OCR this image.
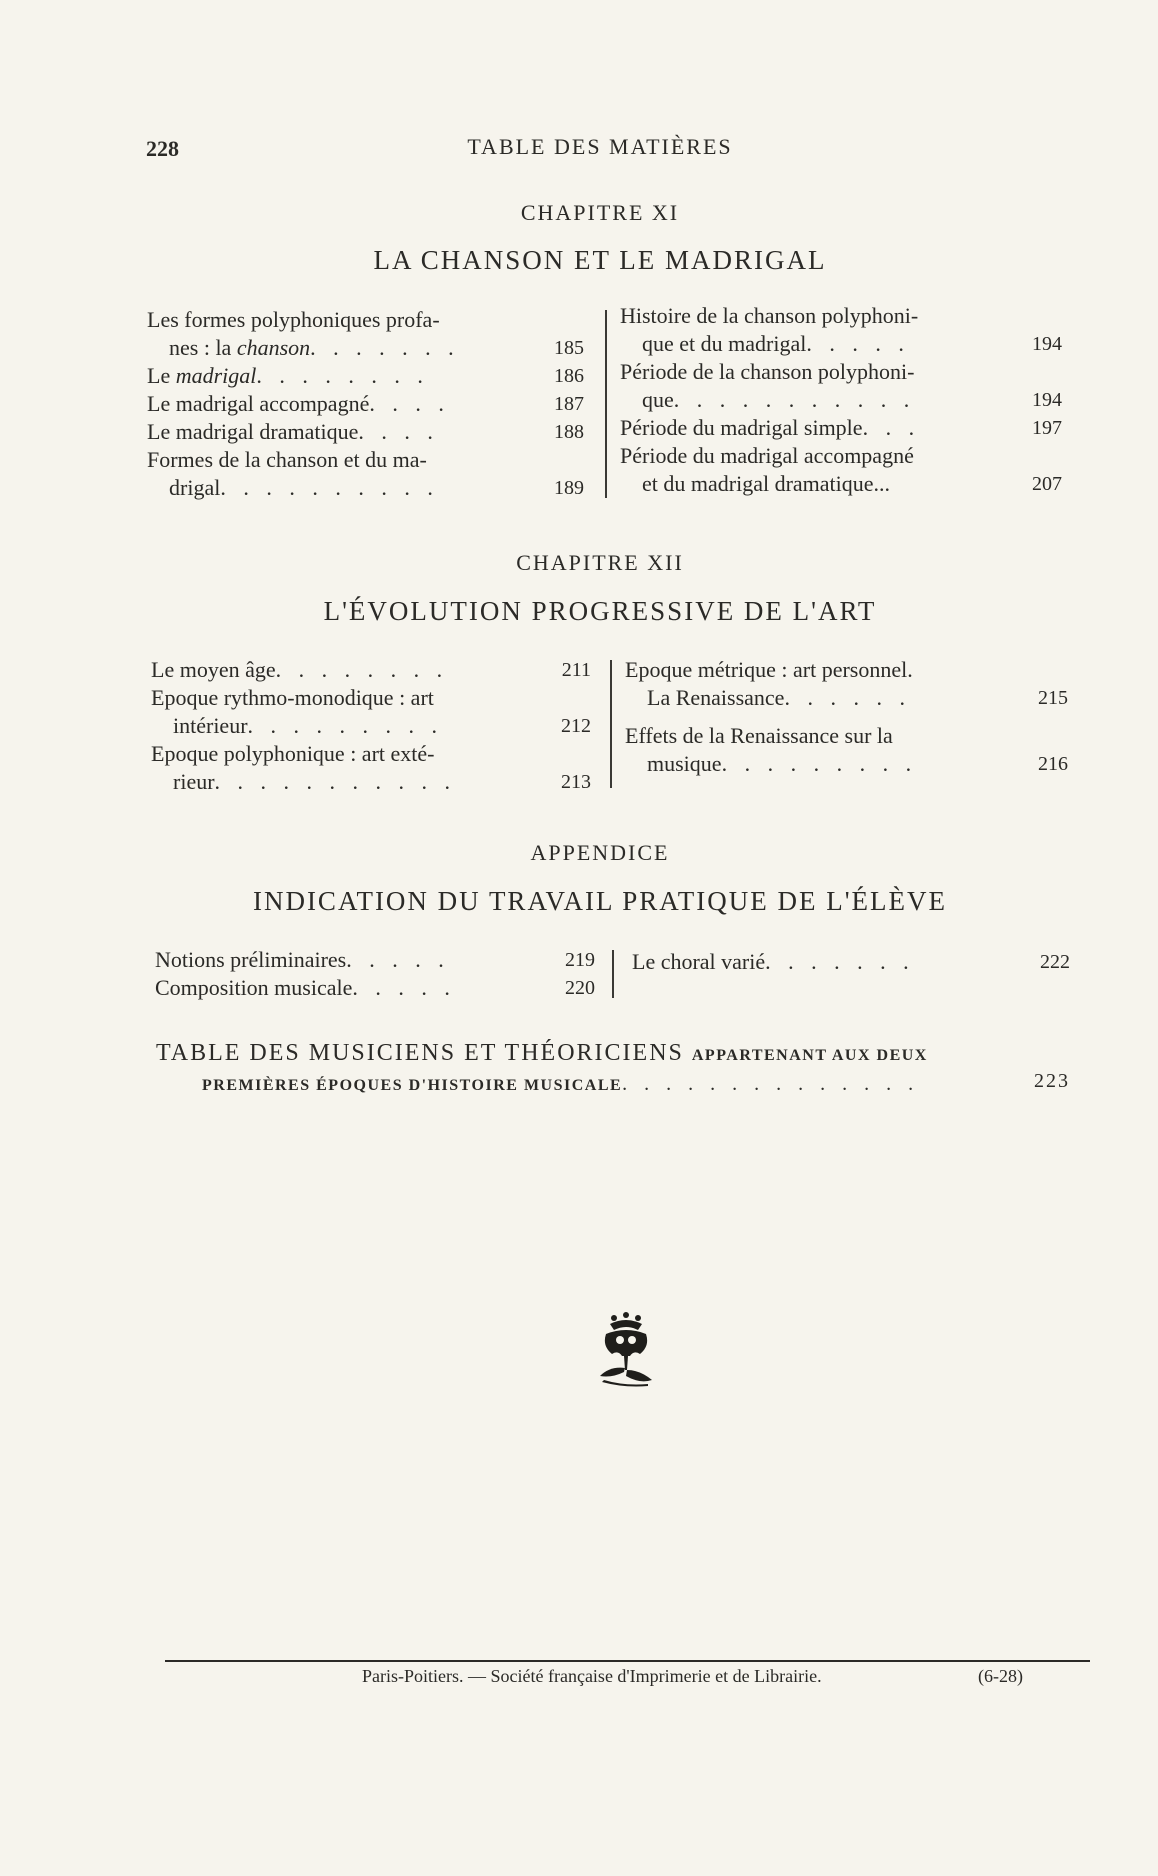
228	TABLE DES MATIÈRES
CHAPITRE XI
LA CHANSON ET LE MADRIGAL
Les formes polyphoniques profa-
nes : la chanson. . . . . . .	185
Le madrigal. . . . . . . .	186
Le madrigal accompagné. . . .	187
Le madrigal dramatique. . . .	188
Formes de la chanson et du ma-
drigal. . . . . . . . . .	189
Histoire de la chanson polyphoni-
que et du madrigal. . . . .	194
Période de la chanson polyphoni-
que. . . . . . . . . . .	194
Période du madrigal simple. . .	197
Période du madrigal accompagné
et du madrigal dramatique...	207
CHAPITRE XII
L'ÉVOLUTION PROGRESSIVE DE L'ART
Le moyen âge. . . . . . . .	211
Epoque rythmo-monodique : art
intérieur. . . . . . . . .	212
Epoque polyphonique : art exté-
rieur. . . . . . . . . . .	213
Epoque métrique : art personnel.
La Renaissance. . . . . .	215
Effets de la Renaissance sur la
musique. . . . . . . . .	216
APPENDICE
INDICATION DU TRAVAIL PRATIQUE DE L'ÉLÈVE
Notions préliminaires. . . . .	219
Composition musicale. . . . .	220
Le choral varié. . . . . . .	222
TABLE DES MUSICIENS ET THÉORICIENS APPARTENANT AUX DEUX
PREMIÈRES ÉPOQUES D'HISTOIRE MUSICALE. . . . . . . . . . . . . .	223
Paris-Poitiers. — Société française d'Imprimerie et de Librairie.	(6-28)
